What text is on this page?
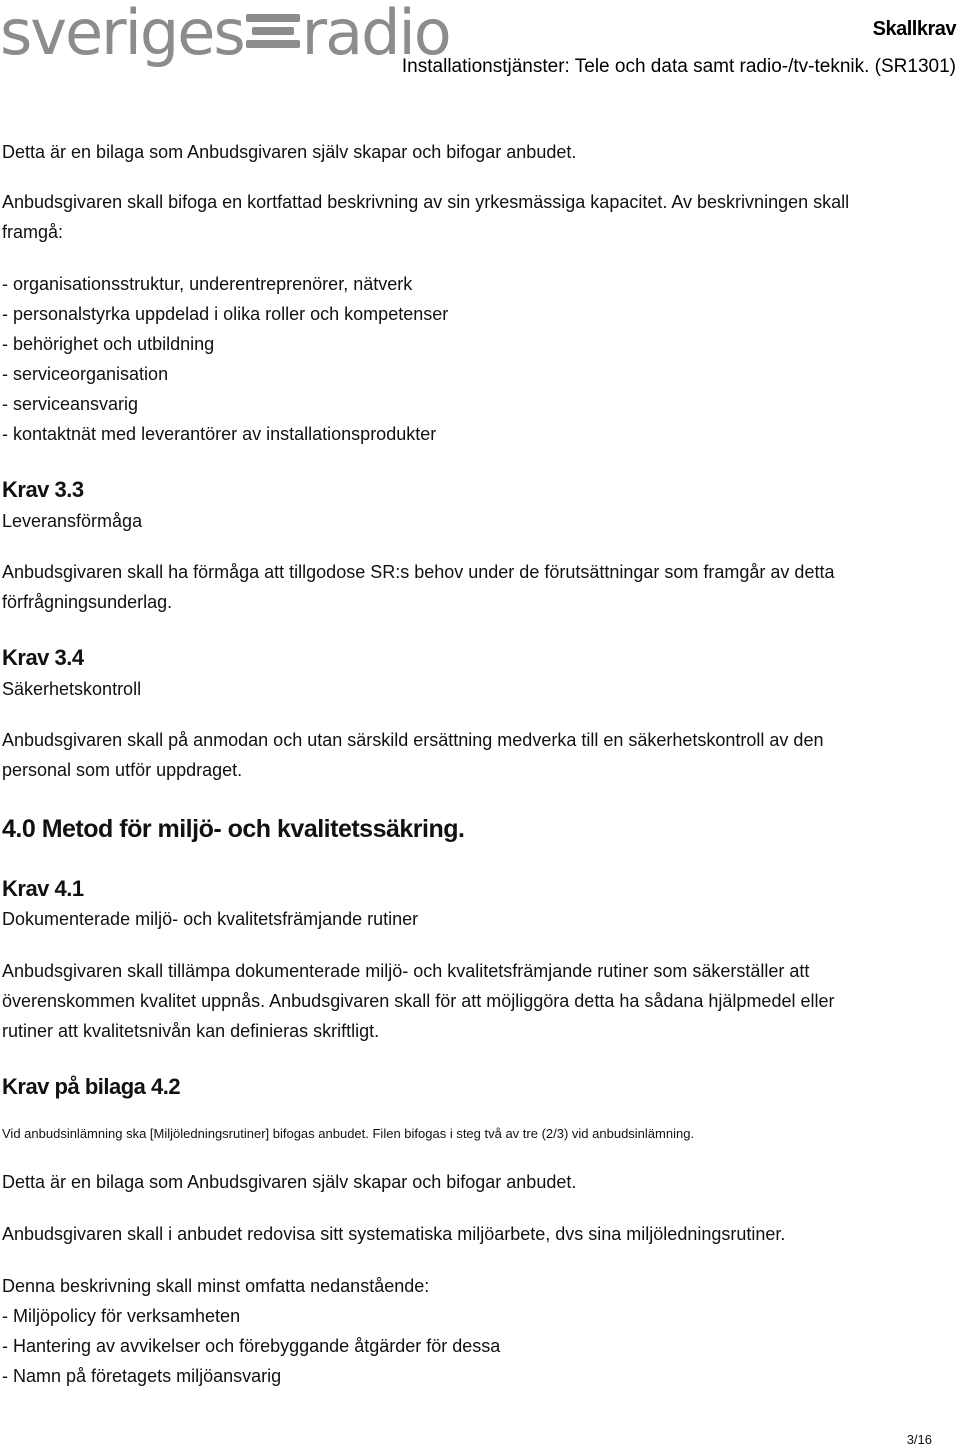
sveriges radio	Skallkrav
Installationstjänster: Tele och data samt radio-/tv-teknik. (SR1301)
Detta är en bilaga som Anbudsgivaren själv skapar och bifogar anbudet.
Anbudsgivaren skall bifoga en kortfattad beskrivning av sin yrkesmässiga kapacitet. Av beskrivningen skall
framgå:
- organisationsstruktur, underentreprenörer, nätverk
- personalstyrka uppdelad i olika roller och kompetenser
- behörighet och utbildning
- serviceorganisation
- serviceansvarig
- kontaktnät med leverantörer av installationsprodukter
Krav 3.3
Leveransförmåga
Anbudsgivaren skall ha förmåga att tillgodose SR:s behov under de förutsättningar som framgår av detta
förfrågningsunderlag.
Krav 3.4
Säkerhetskontroll
Anbudsgivaren skall på anmodan och utan särskild ersättning medverka till en säkerhetskontroll av den
personal som utför uppdraget.
4.0 Metod för miljö- och kvalitetssäkring.
Krav 4.1
Dokumenterade miljö- och kvalitetsfrämjande rutiner
Anbudsgivaren skall tillämpa dokumenterade miljö- och kvalitetsfrämjande rutiner som säkerställer att
överenskommen kvalitet uppnås. Anbudsgivaren skall för att möjliggöra detta ha sådana hjälpmedel eller
rutiner att kvalitetsnivån kan definieras skriftligt.
Krav på bilaga 4.2
Vid anbudsinlämning ska [Miljöledningsrutiner] bifogas anbudet. Filen bifogas i steg två av tre (2/3) vid anbudsinlämning.
Detta är en bilaga som Anbudsgivaren själv skapar och bifogar anbudet.
Anbudsgivaren skall i anbudet redovisa sitt systematiska miljöarbete, dvs sina miljöledningsrutiner.
Denna beskrivning skall minst omfatta nedanstående:
- Miljöpolicy för verksamheten
- Hantering av avvikelser och förebyggande åtgärder för dessa
- Namn på företagets miljöansvarig
3/16
